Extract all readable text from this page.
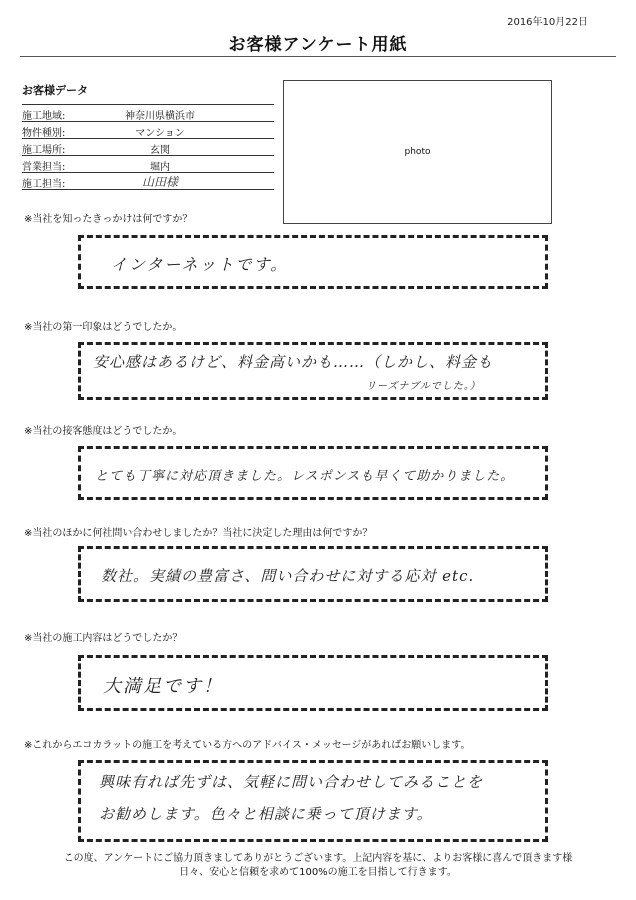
2016年10月22日
お客様アンケート用紙
お客様データ
施工地域:	神奈川県横浜市
物件種別:	マンション
施工場所:	玄関
営業担当:	堀内
施工担当:	山田様
photo
※当社を知ったきっかけは何ですか？
インターネットです。
※当社の第一印象はどうでしたか。
安心感はあるけど、料金高いかも……（しかし、料金も
リーズナブルでした。）
※当社の接客態度はどうでしたか。
とても丁寧に対応頂きました。レスポンスも早くて助かりました。
※当社のほかに何社問い合わせしましたか？当社に決定した理由は何ですか？
数社。実績の豊富さ、問い合わせに対する応対 etc.
※当社の施工内容はどうでしたか？
大満足です！
※これからエコカラットの施工を考えている方へのアドバイス・メッセージがあればお願いします。
興味有れば先ずは、気軽に問い合わせしてみることを
お勧めします。色々と相談に乗って頂けます。
この度、アンケートにご協力頂きましてありがとうございます。上記内容を基に、よりお客様に喜んで頂きます様
日々、安心と信頼を求めて100%の施工を目指して行きます。
